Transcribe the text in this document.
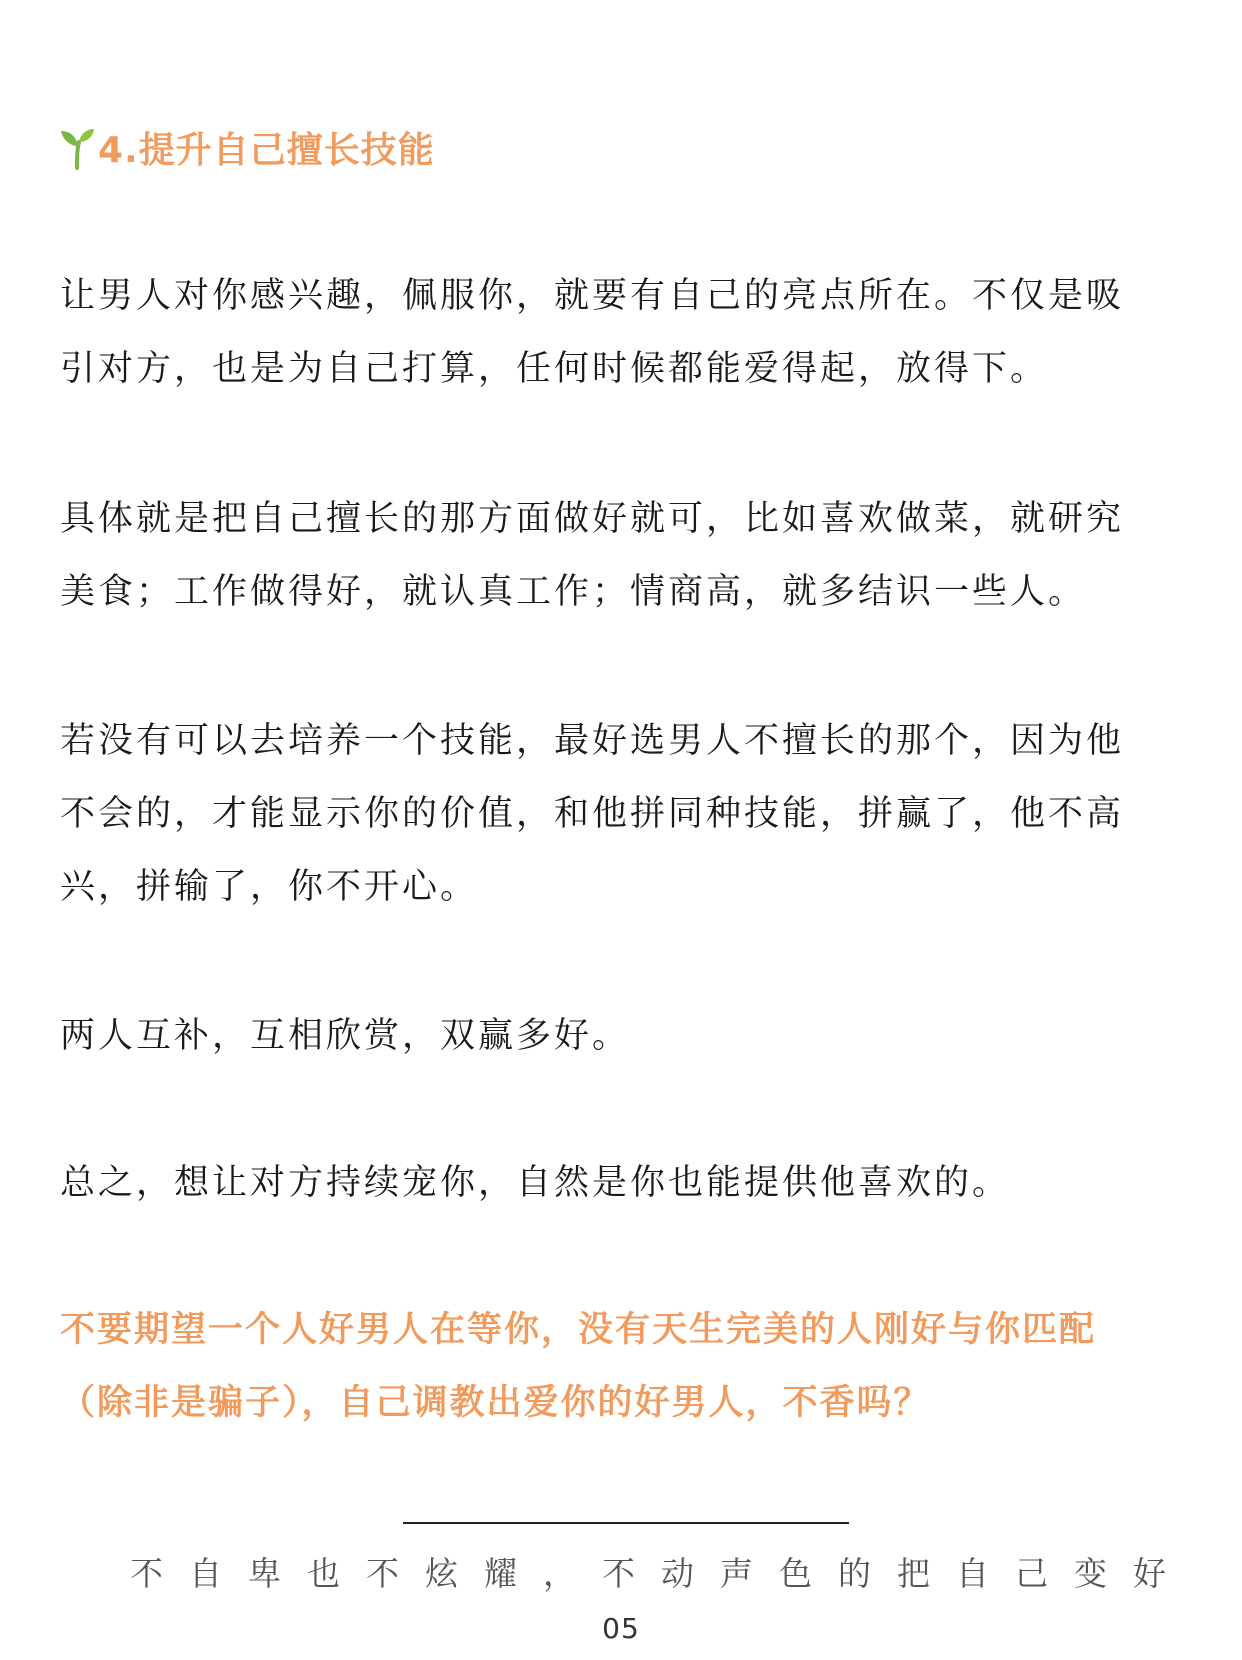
4.提升自己擅长技能

让男人对你感兴趣，佩服你，就要有自己的亮点所在。不仅是吸
引对方，也是为自己打算，任何时候都能爱得起，放得下。

具体就是把自己擅长的那方面做好就可，比如喜欢做菜，就研究
美食；工作做得好，就认真工作；情商高，就多结识一些人。

若没有可以去培养一个技能，最好选男人不擅长的那个，因为他
不会的，才能显示你的价值，和他拼同种技能，拼赢了，他不高
兴，拼输了，你不开心。

两人互补，互相欣赏，双赢多好。

总之，想让对方持续宠你，自然是你也能提供他喜欢的。

不要期望一个人好男人在等你，没有天生完美的人刚好与你匹配
（除非是骗子），自己调教出爱你的好男人，不香吗？

不自卑也不炫耀，不动声色的把自己变好
05
